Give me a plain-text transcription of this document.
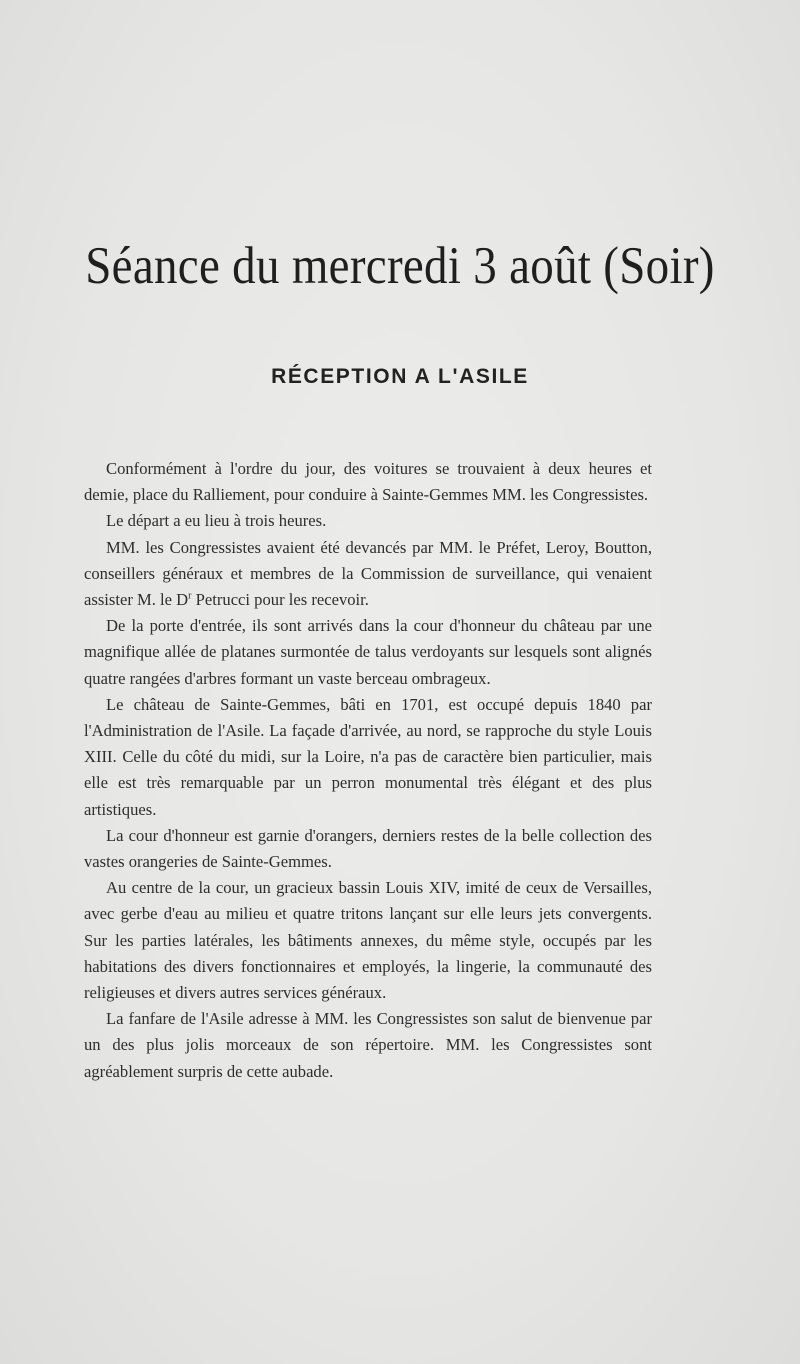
Séance du mercredi 3 août (Soir)
RÉCEPTION A L'ASILE

Conformément à l'ordre du jour, des voitures se trouvaient à deux heures et demie, place du Ralliement, pour conduire à Sainte-Gemmes MM. les Congressistes.

Le départ a eu lieu à trois heures.

MM. les Congressistes avaient été devancés par MM. le Préfet, Leroy, Boutton, conseillers généraux et membres de la Commission de surveillance, qui venaient assister M. le $D^r$ Petrucci pour les recevoir.

De la porte d'entrée, ils sont arrivés dans la cour d'honneur du château par une magnifique allée de platanes surmontée de talus verdoyants sur lesquels sont alignés quatre rangées d'arbres formant un vaste berceau ombrageux.

Le château de Sainte-Gemmes, bâti en 1701, est occupé depuis 1840 par l'Administration de l'Asile. La façade d'arrivée, au nord, se rapproche du style Louis XIII. Celle du côté du midi, sur la Loire, n'a pas de caractère bien particulier, mais elle est très remarquable par un perron monumental très élégant et des plus artistiques.

La cour d'honneur est garnie d'orangers, derniers restes de la belle collection des vastes orangeries de Sainte-Gemmes.

Au centre de la cour, un gracieux bassin Louis XIV, imité de ceux de Versailles, avec gerbe d'eau au milieu et quatre tritons lançant sur elle leurs jets convergents. Sur les parties latérales, les bâtiments annexes, du même style, occupés par les habitations des divers fonctionnaires et employés, la lingerie, la communauté des religieuses et divers autres services généraux.

La fanfare de l'Asile adresse à MM. les Congressistes son salut de bienvenue par un des plus jolis morceaux de son répertoire. MM. les Congressistes sont agréablement surpris de cette aubade.
